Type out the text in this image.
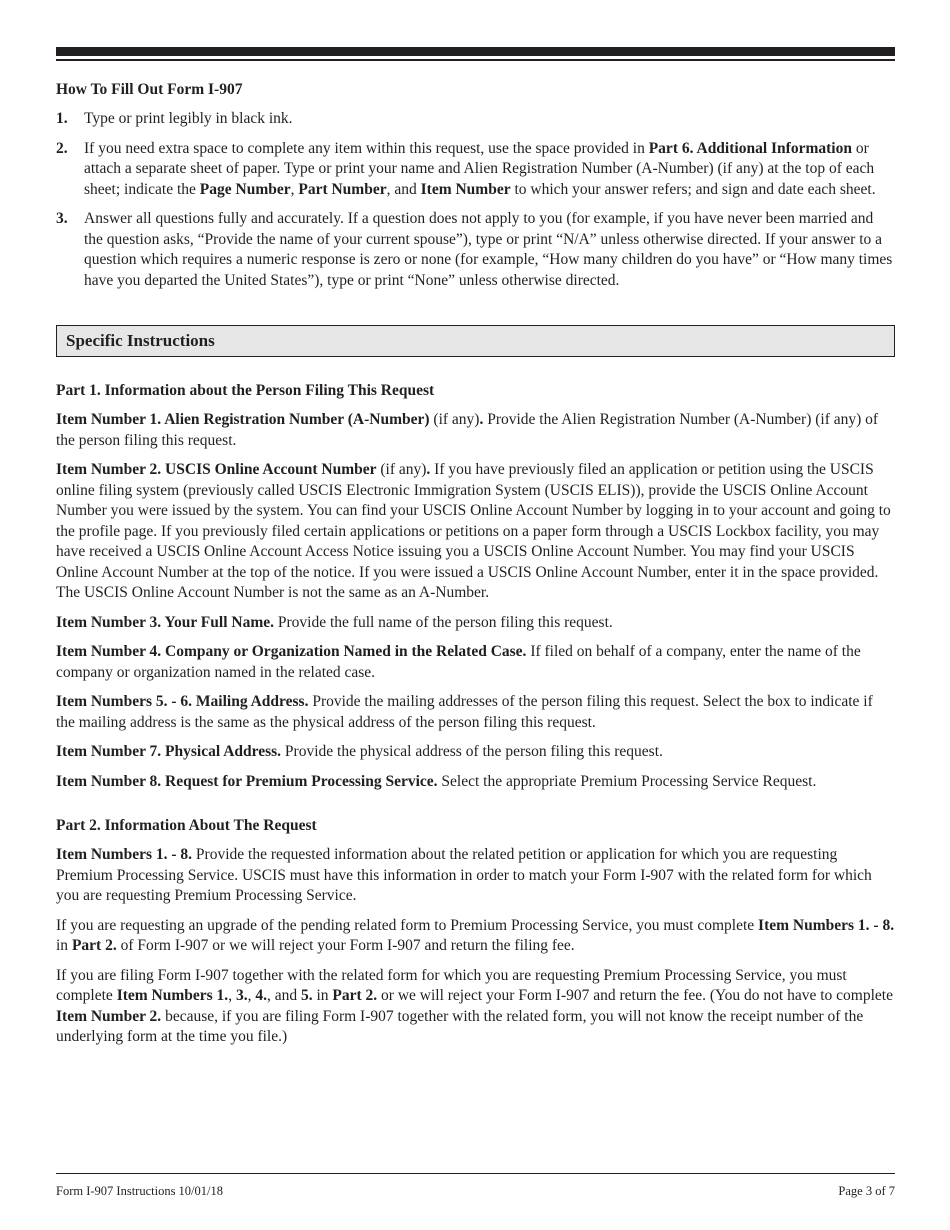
How To Fill Out Form I-907

1. Type or print legibly in black ink.
2. If you need extra space to complete any item within this request, use the space provided in Part 6. Additional Information or attach a separate sheet of paper. Type or print your name and Alien Registration Number (A-Number) (if any) at the top of each sheet; indicate the Page Number, Part Number, and Item Number to which your answer refers; and sign and date each sheet.
3. Answer all questions fully and accurately. If a question does not apply to you (for example, if you have never been married and the question asks, “Provide the name of your current spouse”), type or print “N/A” unless otherwise directed. If your answer to a question which requires a numeric response is zero or none (for example, “How many children do you have” or “How many times have you departed the United States”), type or print “None” unless otherwise directed.
Specific Instructions

Part 1. Information about the Person Filing This Request

Item Number 1. Alien Registration Number (A-Number) (if any). Provide the Alien Registration Number (A-Number) (if any) of the person filing this request.

Item Number 2. USCIS Online Account Number (if any). If you have previously filed an application or petition using the USCIS online filing system (previously called USCIS Electronic Immigration System (USCIS ELIS)), provide the USCIS Online Account Number you were issued by the system. You can find your USCIS Online Account Number by logging in to your account and going to the profile page. If you previously filed certain applications or petitions on a paper form through a USCIS Lockbox facility, you may have received a USCIS Online Account Access Notice issuing you a USCIS Online Account Number. You may find your USCIS Online Account Number at the top of the notice. If you were issued a USCIS Online Account Number, enter it in the space provided. The USCIS Online Account Number is not the same as an A-Number.

Item Number 3. Your Full Name. Provide the full name of the person filing this request.

Item Number 4. Company or Organization Named in the Related Case. If filed on behalf of a company, enter the name of the company or organization named in the related case.

Item Numbers 5. - 6. Mailing Address. Provide the mailing addresses of the person filing this request. Select the box to indicate if the mailing address is the same as the physical address of the person filing this request.

Item Number 7. Physical Address. Provide the physical address of the person filing this request.

Item Number 8. Request for Premium Processing Service. Select the appropriate Premium Processing Service Request.

Part 2. Information About The Request

Item Numbers 1. - 8. Provide the requested information about the related petition or application for which you are requesting Premium Processing Service. USCIS must have this information in order to match your Form I-907 with the related form for which you are requesting Premium Processing Service.

If you are requesting an upgrade of the pending related form to Premium Processing Service, you must complete Item Numbers 1. - 8. in Part 2. of Form I-907 or we will reject your Form I-907 and return the filing fee.

If you are filing Form I-907 together with the related form for which you are requesting Premium Processing Service, you must complete Item Numbers 1., 3., 4., and 5. in Part 2. or we will reject your Form I-907 and return the fee. (You do not have to complete Item Number 2. because, if you are filing Form I-907 together with the related form, you will not know the receipt number of the underlying form at the time you file.)

Form I-907 Instructions 10/01/18	Page 3 of 7
